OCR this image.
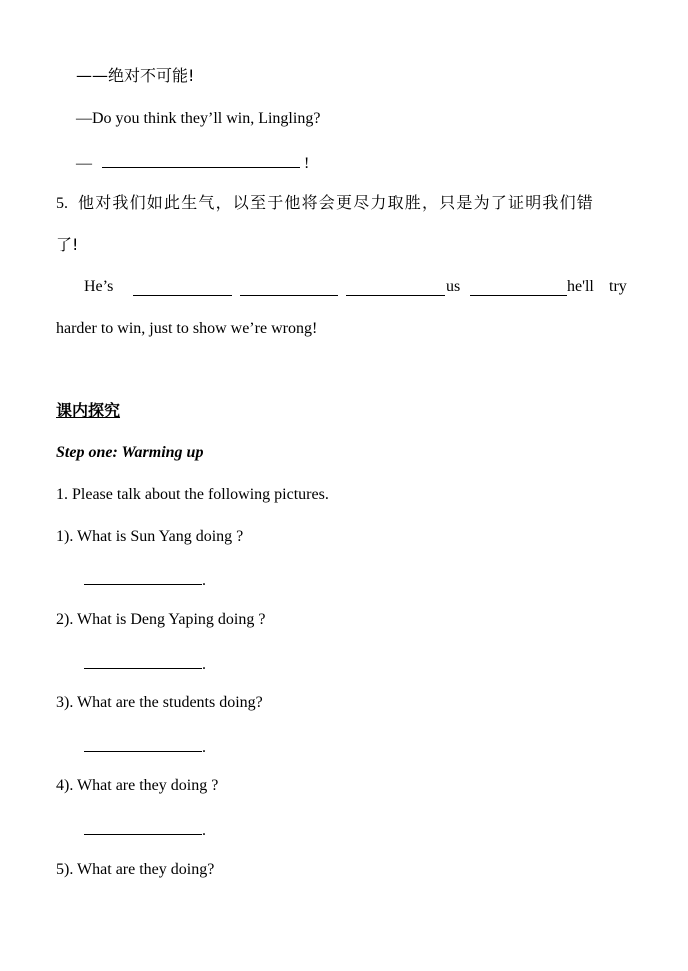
——绝对不可能!
—Do you think they’ll win, Lingling?
—	!
5. 他对我们如此生气，以至于他将会更尽力取胜，只是为了证明我们错
了!
He’s	us	he'll try
harder to win, just to show we’re wrong!
课内探究
Step one: Warming up
1. Please talk about the following pictures.
1). What is Sun Yang doing ?
.
2). What is Deng Yaping doing ?
.
3). What are the students doing?
.
4). What are they doing ?
.
5). What are they doing?
